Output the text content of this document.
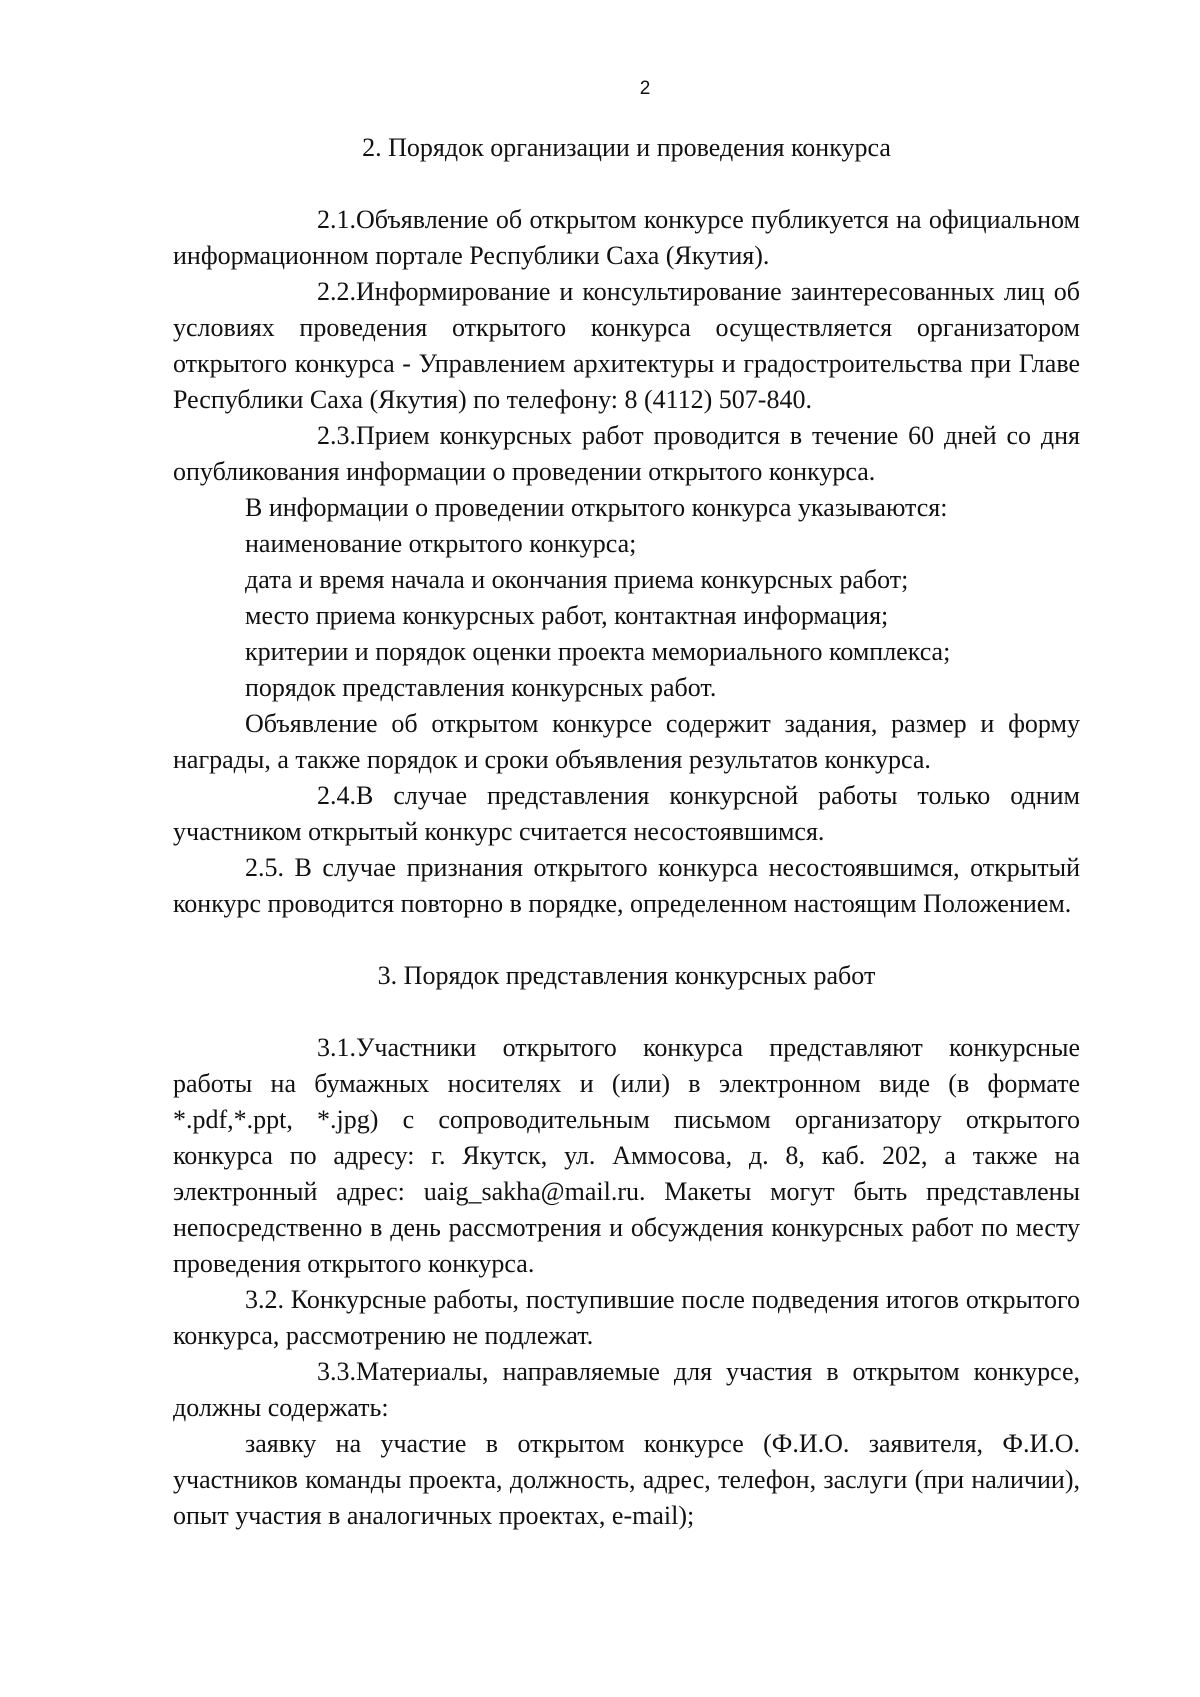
2
2. Порядок организации и проведения конкурса

2.1.Объявление об открытом конкурсе публикуется на официальном информационном портале Республики Саха (Якутия).

2.2.Информирование и консультирование заинтересованных лиц об условиях проведения открытого конкурса осуществляется организатором открытого конкурса - Управлением архитектуры и градостроительства при Главе Республики Саха (Якутия) по телефону: 8 (4112) 507-840.

2.3.Прием конкурсных работ проводится в течение 60 дней со дня опубликования информации о проведении открытого конкурса.

В информации о проведении открытого конкурса указываются:

наименование открытого конкурса;

дата и время начала и окончания приема конкурсных работ;

место приема конкурсных работ, контактная информация;

критерии и порядок оценки проекта мемориального комплекса;

порядок представления конкурсных работ.

Объявление об открытом конкурсе содержит задания, размер и форму награды, а также порядок и сроки объявления результатов конкурса.

2.4.В случае представления конкурсной работы только одним участником открытый конкурс считается несостоявшимся.

2.5. В случае признания открытого конкурса несостоявшимся, открытый конкурс проводится повторно в порядке, определенном настоящим Положением.

3. Порядок представления конкурсных работ

3.1.Участники открытого конкурса представляют конкурсные работы на бумажных носителях и (или) в электронном виде (в формате *.pdf,*.ppt, *.jpg) с сопроводительным письмом организатору открытого конкурса по адресу: г. Якутск, ул. Аммосова, д. 8, каб. 202, а также на электронный адрес: uaig_sakha@mail.ru. Макеты могут быть представлены непосредственно в день рассмотрения и обсуждения конкурсных работ по месту проведения открытого конкурса.

3.2. Конкурсные работы, поступившие после подведения итогов открытого конкурса, рассмотрению не подлежат.

3.3.Материалы, направляемые для участия в открытом конкурсе, должны содержать:

заявку на участие в открытом конкурсе (Ф.И.О. заявителя, Ф.И.О. участников команды проекта, должность, адрес, телефон, заслуги (при наличии), опыт участия в аналогичных проектах, e-mail);
